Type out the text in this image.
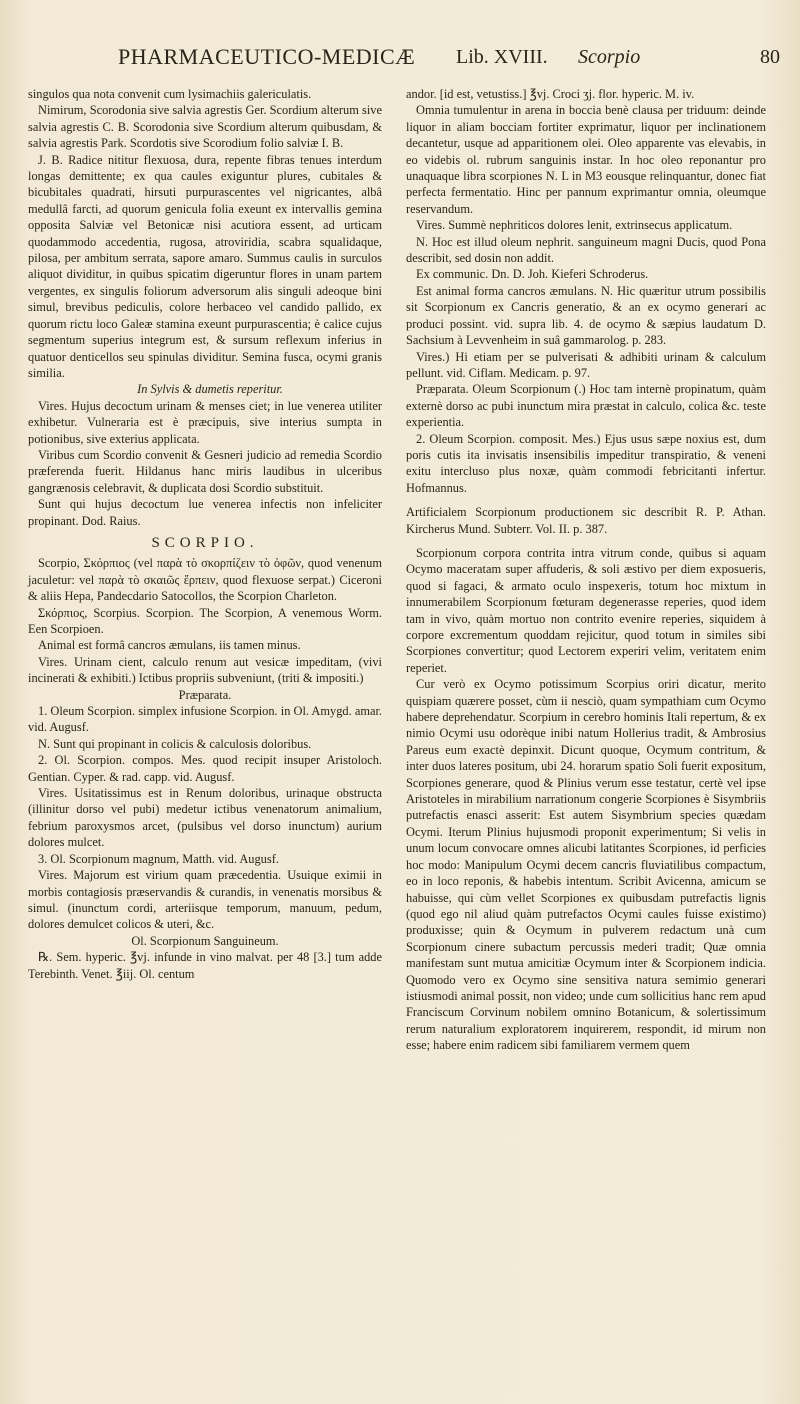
PHARMACEUTICO-MEDICÆ Lib. XVIII. Scorpio	80

singulos qua nota convenit cum lysimachiis galericulatis.

Nimirum, Scorodonia sive salvia agrestis Ger. Scordium alterum sive salvia agrestis C. B. Scorodonia sive Scordium alterum quibusdam, & salvia agrestis Park. Scordotis sive Scorodium folio salviæ I. B.

J. B. Radice nititur flexuosa, dura, repente fibras tenues interdum longas demittente; ex qua caules exiguntur plures, cubitales & bicubitales quadrati, hirsuti purpurascentes vel nigricantes, albâ medullâ farcti, ad quorum genicula folia exeunt ex intervallis gemina opposita Salviæ vel Betonicæ nisi acutiora essent, ad urticam quodammodo accedentia, rugosa, atroviridia, scabra squalidaque, pilosa, per ambitum serrata, sapore amaro. Summus caulis in surculos aliquot dividitur, in quibus spicatim digeruntur flores in unam partem vergentes, ex singulis foliorum adversorum alis singuli adeoque bini simul, brevibus pediculis, colore herbaceo vel candido pallido, ex quorum rictu loco Galeæ stamina exeunt purpurascentia; è calice cujus segmentum superius integrum est, & sursum reflexum inferius in quatuor denticellos seu spinulas dividitur. Semina fusca, ocymi granis similia.

In Sylvis & dumetis reperitur.

Vires. Hujus decoctum urinam & menses ciet; in lue venerea utiliter exhibetur. Vulneraria est è præcipuis, sive interius sumpta in potionibus, sive exterius applicata.

Viribus cum Scordio convenit & Gesneri judicio ad remedia Scordio præferenda fuerit. Hildanus hanc miris laudibus in ulceribus gangrænosis celebravit, & duplicata dosi Scordio substituit.

Sunt qui hujus decoctum lue venerea infectis non infeliciter propinant. Dod. Raius.

SCORPIO.

Scorpio, Σκόρπιος (vel παρὰ τὸ σκορπίζειν τὸ ὀφῶν, quod venenum jaculetur: vel παρὰ τὸ σκαιῶς ἕρπειν, quod flexuose serpat.) Ciceroni & aliis Hepa, Pandecdario Satocollos, the Scorpion Charleton.

Σκόρπιος, Scorpius. Scorpion. The Scorpion, A venemous Worm. Een Scorpioen.

Animal est formâ cancros æmulans, iis tamen minus.

Vires. Urinam cient, calculo renum aut vesicæ impeditam, (vivi incinerati & exhibiti.) Ictibus propriis subveniunt, (triti & impositi.)

Præparata.

1. Oleum Scorpion. simplex infusione Scorpion. in Ol. Amygd. amar. vid. Augusf.

N. Sunt qui propinant in colicis & calculosis doloribus.

2. Ol. Scorpion. compos. Mes. quod recipit insuper Aristoloch. Gentian. Cyper. & rad. capp. vid. Augusf.

Vires. Usitatissimus est in Renum doloribus, urinaque obstructa (illinitur dorso vel pubi) medetur ictibus venenatorum animalium, febrium paroxysmos arcet, (pulsibus vel dorso inunctum) aurium dolores mulcet.

3. Ol. Scorpionum magnum, Matth. vid. Augusf.

Vires. Majorum est virium quam præcedentia. Usuique eximii in morbis contagiosis præservandis & curandis, in venenatis morsibus & simul. (inunctum cordi, arteriisque temporum, manuum, pedum, dolores demulcet colicos & uteri, &c.

Ol. Scorpionum Sanguineum.

℞. Sem. hyperic. ℥vj. infunde in vino malvat. per 48 [3.] tum adde Terebinth. Venet. ℥iij. Ol. centum

andor. [id est, vetustiss.] ℥vj. Croci ʒj. flor. hyperic. M. iv.

Omnia tumulentur in arena in boccia benè clausa per triduum: deinde liquor in aliam bocciam fortiter exprimatur, liquor per inclinationem decantetur, usque ad apparitionem olei. Oleo apparente vas elevabis, in eo videbis ol. rubrum sanguinis instar. In hoc oleo reponantur pro unaquaque libra scorpiones N. L in M3 eousque relinquantur, donec fiat perfecta fermentatio. Hinc per pannum exprimantur omnia, oleumque reservandum.

Vires. Summè nephriticos dolores lenit, extrinsecus applicatum.

N. Hoc est illud oleum nephrit. sanguineum magni Ducis, quod Pona describit, sed dosin non addit.

Ex communic. Dn. D. Joh. Kieferi Schroderus.

Est animal forma cancros æmulans. N. Hic quæritur utrum possibilis sit Scorpionum ex Cancris generatio, & an ex ocymo generari ac produci possint. vid. supra lib. 4. de ocymo & sæpius laudatum D. Sachsium à Levvenheim in suâ gammarolog. p. 283.

Vires.) Hi etiam per se pulverisati & adhibiti urinam & calculum pellunt. vid. Ciflam. Medicam. p. 97.

Præparata. Oleum Scorpionum (.) Hoc tam internè propinatum, quàm externè dorso ac pubi inunctum mira præstat in calculo, colica &c. teste experientia.

2. Oleum Scorpion. composit. Mes.) Ejus usus sæpe noxius est, dum poris cutis ita invisatis insensibilis impeditur transpiratio, & veneni exitu intercluso plus noxæ, quàm commodi febricitanti infertur. Hofmannus.

Artificialem Scorpionum productionem sic describit R. P. Athan. Kircherus Mund. Subterr. Vol. II. p. 387.

Scorpionum corpora contrita intra vitrum conde, quibus si aquam Ocymo maceratam super affuderis, & soli æstivo per diem exposueris, quod si fagaci, & armato oculo inspexeris, totum hoc mixtum in innumerabilem Scorpionum fœturam degenerasse reperies, quod idem tam in vivo, quàm mortuo non contrito evenire reperies, siquidem à corpore excrementum quoddam rejicitur, quod totum in similes sibi Scorpiones convertitur; quod Lectorem experiri velim, veritatem enim reperiet.

Cur verò ex Ocymo potissimum Scorpius oriri dicatur, merito quispiam quærere posset, cùm ii nesciò, quam sympathiam cum Ocymo habere deprehendatur. Scorpium in cerebro hominis Itali repertum, & ex nimio Ocymi usu odorèque inibi natum Hollerius tradit, & Ambrosius Pareus eum exactè depinxit. Dicunt quoque, Ocymum contritum, & inter duos lateres positum, ubi 24. horarum spatio Soli fuerit expositum, Scorpiones generare, quod & Plinius verum esse testatur, certè vel ipse Aristoteles in mirabilium narrationum congerie Scorpiones è Sisymbriis putrefactis enasci asserit: Est autem Sisymbrium species quædam Ocymi. Iterum Plinius hujusmodi proponit experimentum; Si velis in unum locum convocare omnes alicubi latitantes Scorpiones, id perficies hoc modo: Manipulum Ocymi decem cancris fluviatilibus compactum, eo in loco reponis, & habebis intentum. Scribit Avicenna, amicum se habuisse, qui cùm vellet Scorpiones ex quibusdam putrefactis lignis (quod ego nil aliud quàm putrefactos Ocymi caules fuisse existimo) produxisse; quin & Ocymum in pulverem redactum unà cum Scorpionum cinere subactum percussis mederi tradit; Quæ omnia manifestam sunt mutua amicitiæ Ocymum inter & Scorpionem indicia. Quomodo vero ex Ocymo sine sensitiva natura semimio generari istiusmodi animal possit, non video; unde cum sollicitius hanc rem apud Franciscum Corvinum nobilem omnino Botanicum, & solertissimum rerum naturalium exploratorem inquirerem, respondit, id mirum non esse; habere enim radicem sibi familiarem vermem quem
